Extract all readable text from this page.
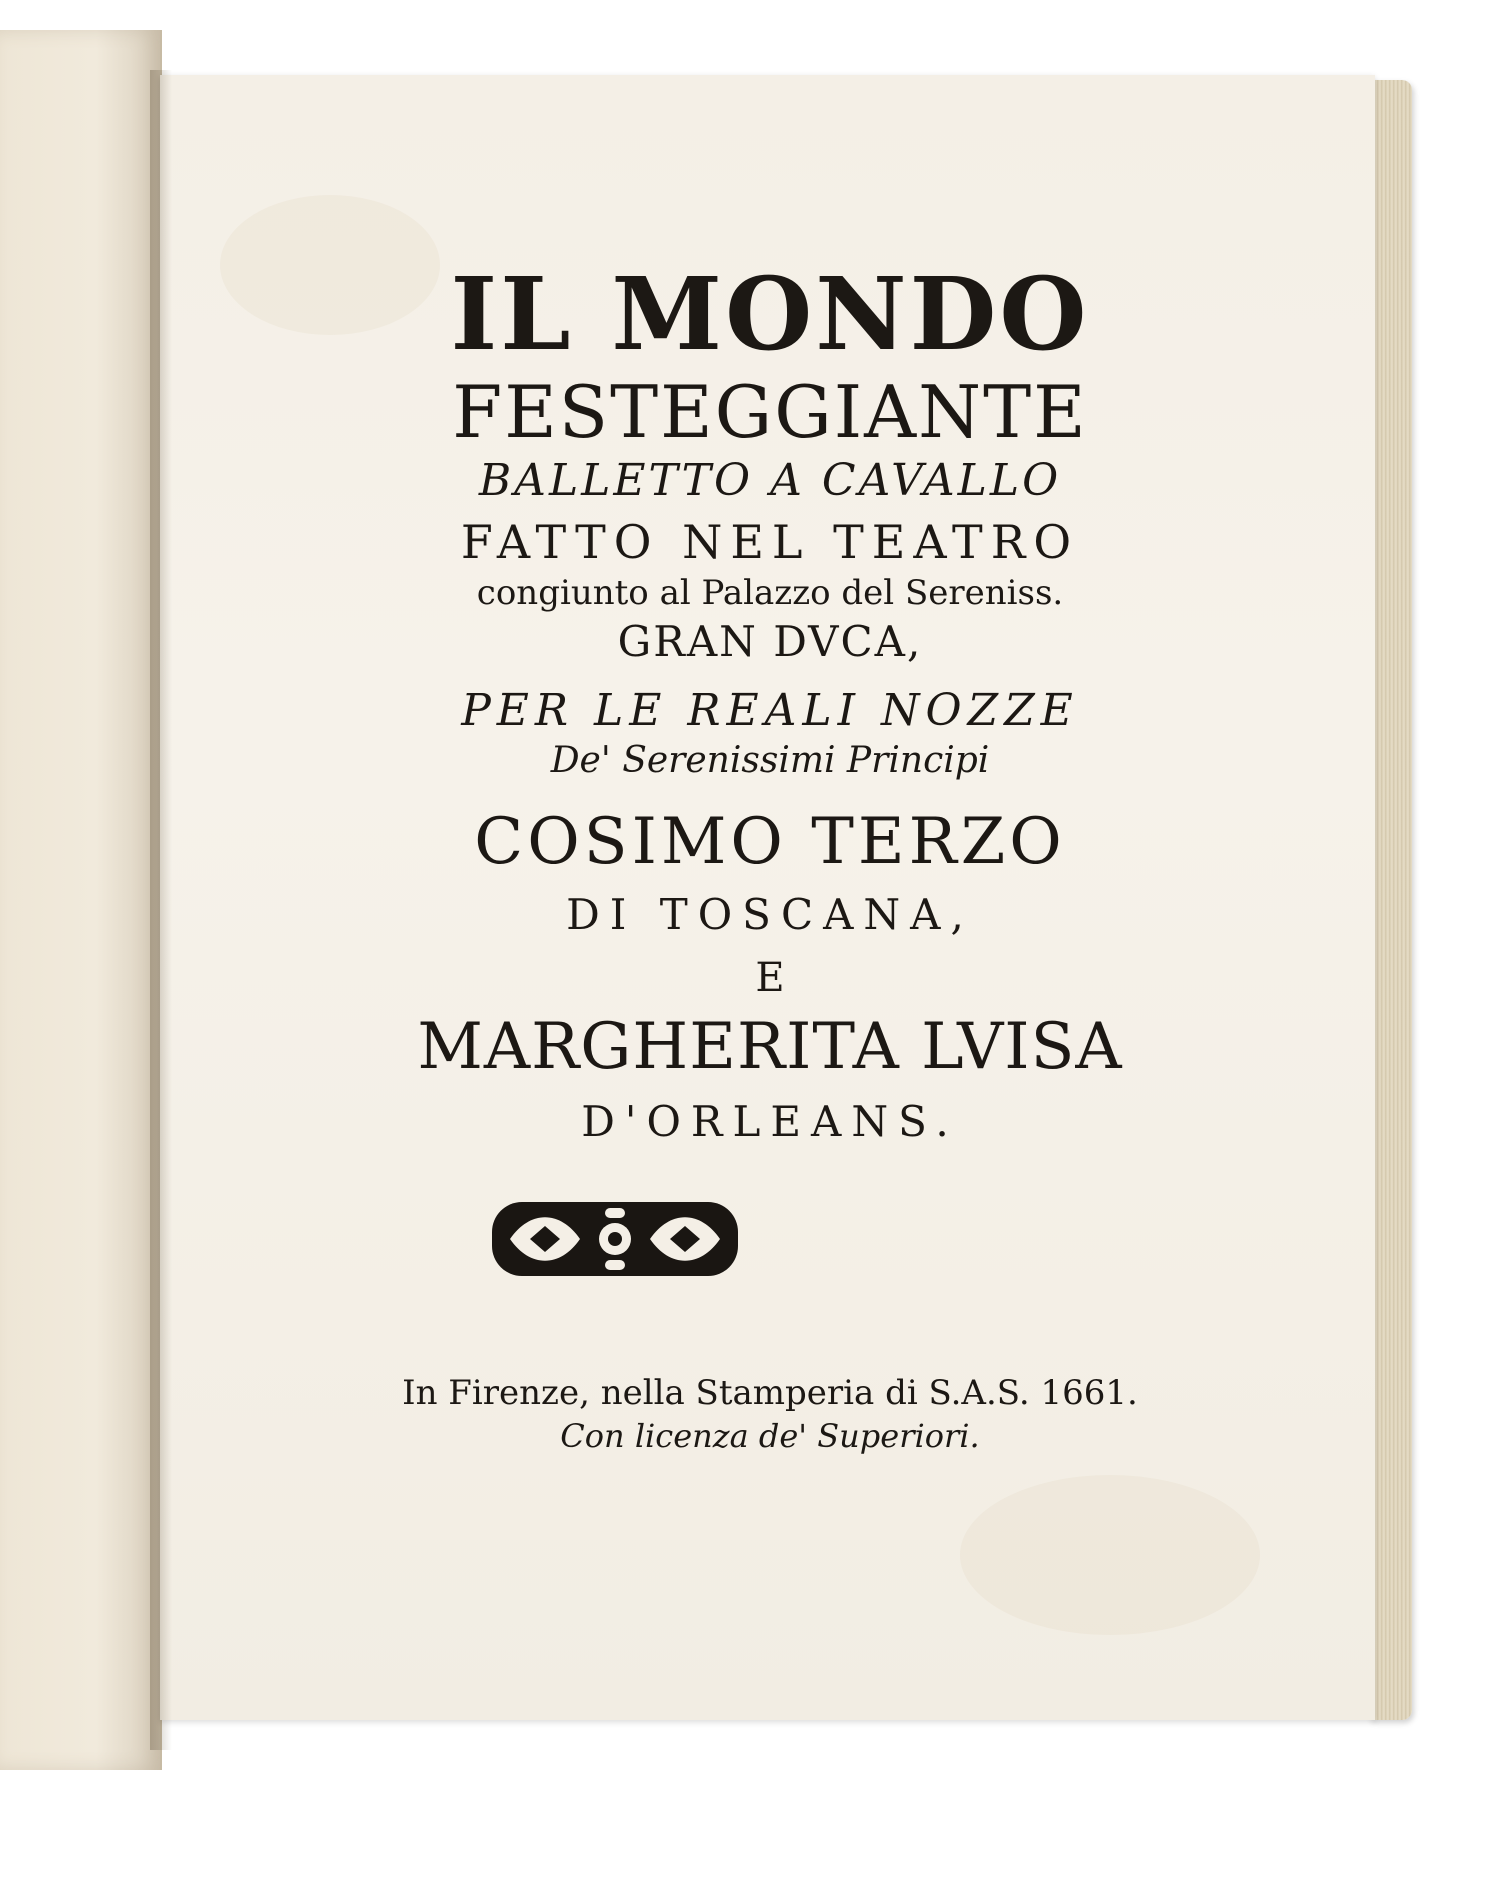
IL MONDO
FESTEGGIANTE
BALLETTO A CAVALLO
FATTO NEL TEATRO
congiunto al Palazzo del Sereniss.
GRAN DVCA,
PER LE REALI NOZZE
De' Serenissimi Principi
COSIMO TERZO
DI TOSCANA,
E
MARGHERITA LVISA
D'ORLEANS.
In Firenze, nella Stamperia di S.A.S. 1661.
Con licenza de' Superiori.
